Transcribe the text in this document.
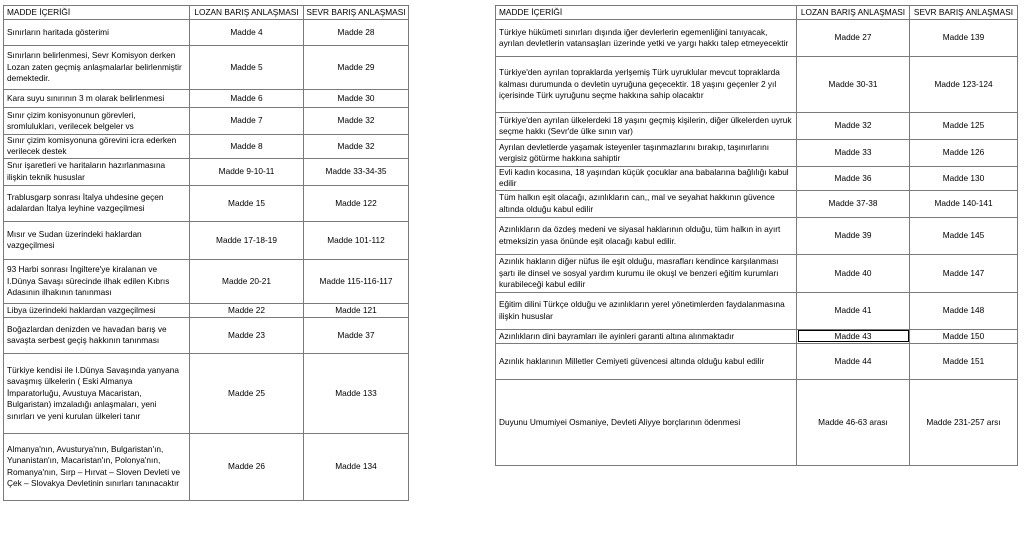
MADDE İÇERİĞİ	LOZAN BARIŞ ANLAŞMASI	SEVR BARIŞ ANLAŞMASI
Sınırların haritada gösterimi	Madde 4	Madde 28
Sınırların belirlenmesi, Sevr Komisyon derken Lozan zaten geçmiş anlaşmalarlar belirlenmiştir demektedir.	Madde 5	Madde 29
Kara suyu sınırının 3 m olarak belirlenmesi	Madde 6	Madde 30
Sınır çizim konisyonunun görevleri, sromlulukları, verilecek belgeler vs	Madde 7	Madde 32
Sınır çizim komisyonuna görevini icra ederken verilecek destek	Madde 8	Madde 32
Snır işaretleri ve haritaların hazırlanmasına ilişkin teknik hususlar	Madde 9-10-11	Madde 33-34-35
Trablusgarp sonrası İtalya uhdesine geçen adalardan İtalya leyhine vazgeçilmesi	Madde 15	Madde 122
Mısır ve Sudan üzerindeki haklardan vazgeçilmesi	Madde 17-18-19	Madde 101-112
93 Harbi sonrası İngiltere'ye kiralanan ve I.Dünya Savaşı sürecinde ilhak edilen Kıbrıs Adasının ilhakının tanınması	Madde 20-21	Madde 115-116-117
Libya üzerindeki haklardan vazgeçilmesi	Madde 22	Madde 121
Boğazlardan denizden ve havadan barış ve savaşta serbest geçiş hakkının tanınması	Madde 23	Madde 37
Türkiye kendisi ile I.Dünya Savaşında yanyana savaşmış ülkelerin ( Eski Almanya İmparatorluğu, Avustuya Macaristan, Bulgaristan) imzaladığı anlaşmaları, yeni sınırları ve yeni kurulan ülkeleri tanır	Madde 25	Madde 133
Almanya'nın, Avusturya'nın, Bulgaristan'ın, Yunanistan'ın, Macaristan'ın, Polonya'nın, Romanya'nın, Sırp – Hırvat – Sloven Devleti ve Çek – Slovakya Devletinin sınırları tanınacaktır	Madde 26	Madde 134
MADDE İÇERİĞİ	LOZAN BARIŞ ANLAŞMASI	SEVR BARIŞ ANLAŞMASI
Türkiye hükümeti sınırları dışında iğer devlerlerin egemenliğini tanıyacak, ayrılan devletlerin vatansaşları üzerinde yetki ve yargı hakkı talep etmeyecektir	Madde 27	Madde 139
Türkiye'den ayrılan topraklarda yerlşemiş Türk uyruklular mevcut topraklarda kalması durumunda o devletin uyruğuna geçecektir. 18 yaşını geçenler 2 yıl içerisinde Türk uyruğunu seçme hakkına sahip olacaktır	Madde 30-31	Madde 123-124
Türkiye'den ayrılan ülkelerdeki 18 yaşını geçmiş kişilerin, diğer ülkelerden uyruk seçme hakkı (Sevr'de ülke sının var)	Madde 32	Madde 125
Ayrılan devletlerde yaşamak isteyenler taşınmazlarını bırakıp, taşınırlarını vergisiz götürme hakkına sahiptir	Madde 33	Madde 126
Evli kadın kocasına, 18 yaşından küçük çocuklar ana babalarına bağlılığı kabul edilir	Madde 36	Madde 130
Tüm halkın eşit olacağı, azınlıkların can,, mal ve seyahat hakkının güvence altında olduğu kabul edilir	Madde 37-38	Madde 140-141
Azınlıkların da özdeş medeni ve siyasal haklarının olduğu, tüm halkın in ayırt etmeksizin yasa önünde eşit olacağı kabul edilir.	Madde 39	Madde 145
Azınlık hakların diğer nüfus ile eşit olduğu, masrafları kendince karşılanması şartı ile dinsel ve sosyal yardım kurumu ile okuşl ve benzeri eğitim kurumları kurabileceği kabul edilir	Madde 40	Madde 147
Eğitim dilini Türkçe olduğu ve azınlıkların yerel yönetimlerden faydalanmasına ilişkin hususlar	Madde 41	Madde 148
Azınlıkların dini bayramları ile ayinleri garanti altına alınmaktadır	Madde 43	Madde 150
Azınlık haklarının Milletler Cemiyeti güvencesi altında olduğu kabul edilir	Madde 44	Madde 151
Duyunu Umumiyei Osmaniye, Devleti Aliyye borçlarının ödenmesi	Madde 46-63 arası	Madde 231-257 arsı
